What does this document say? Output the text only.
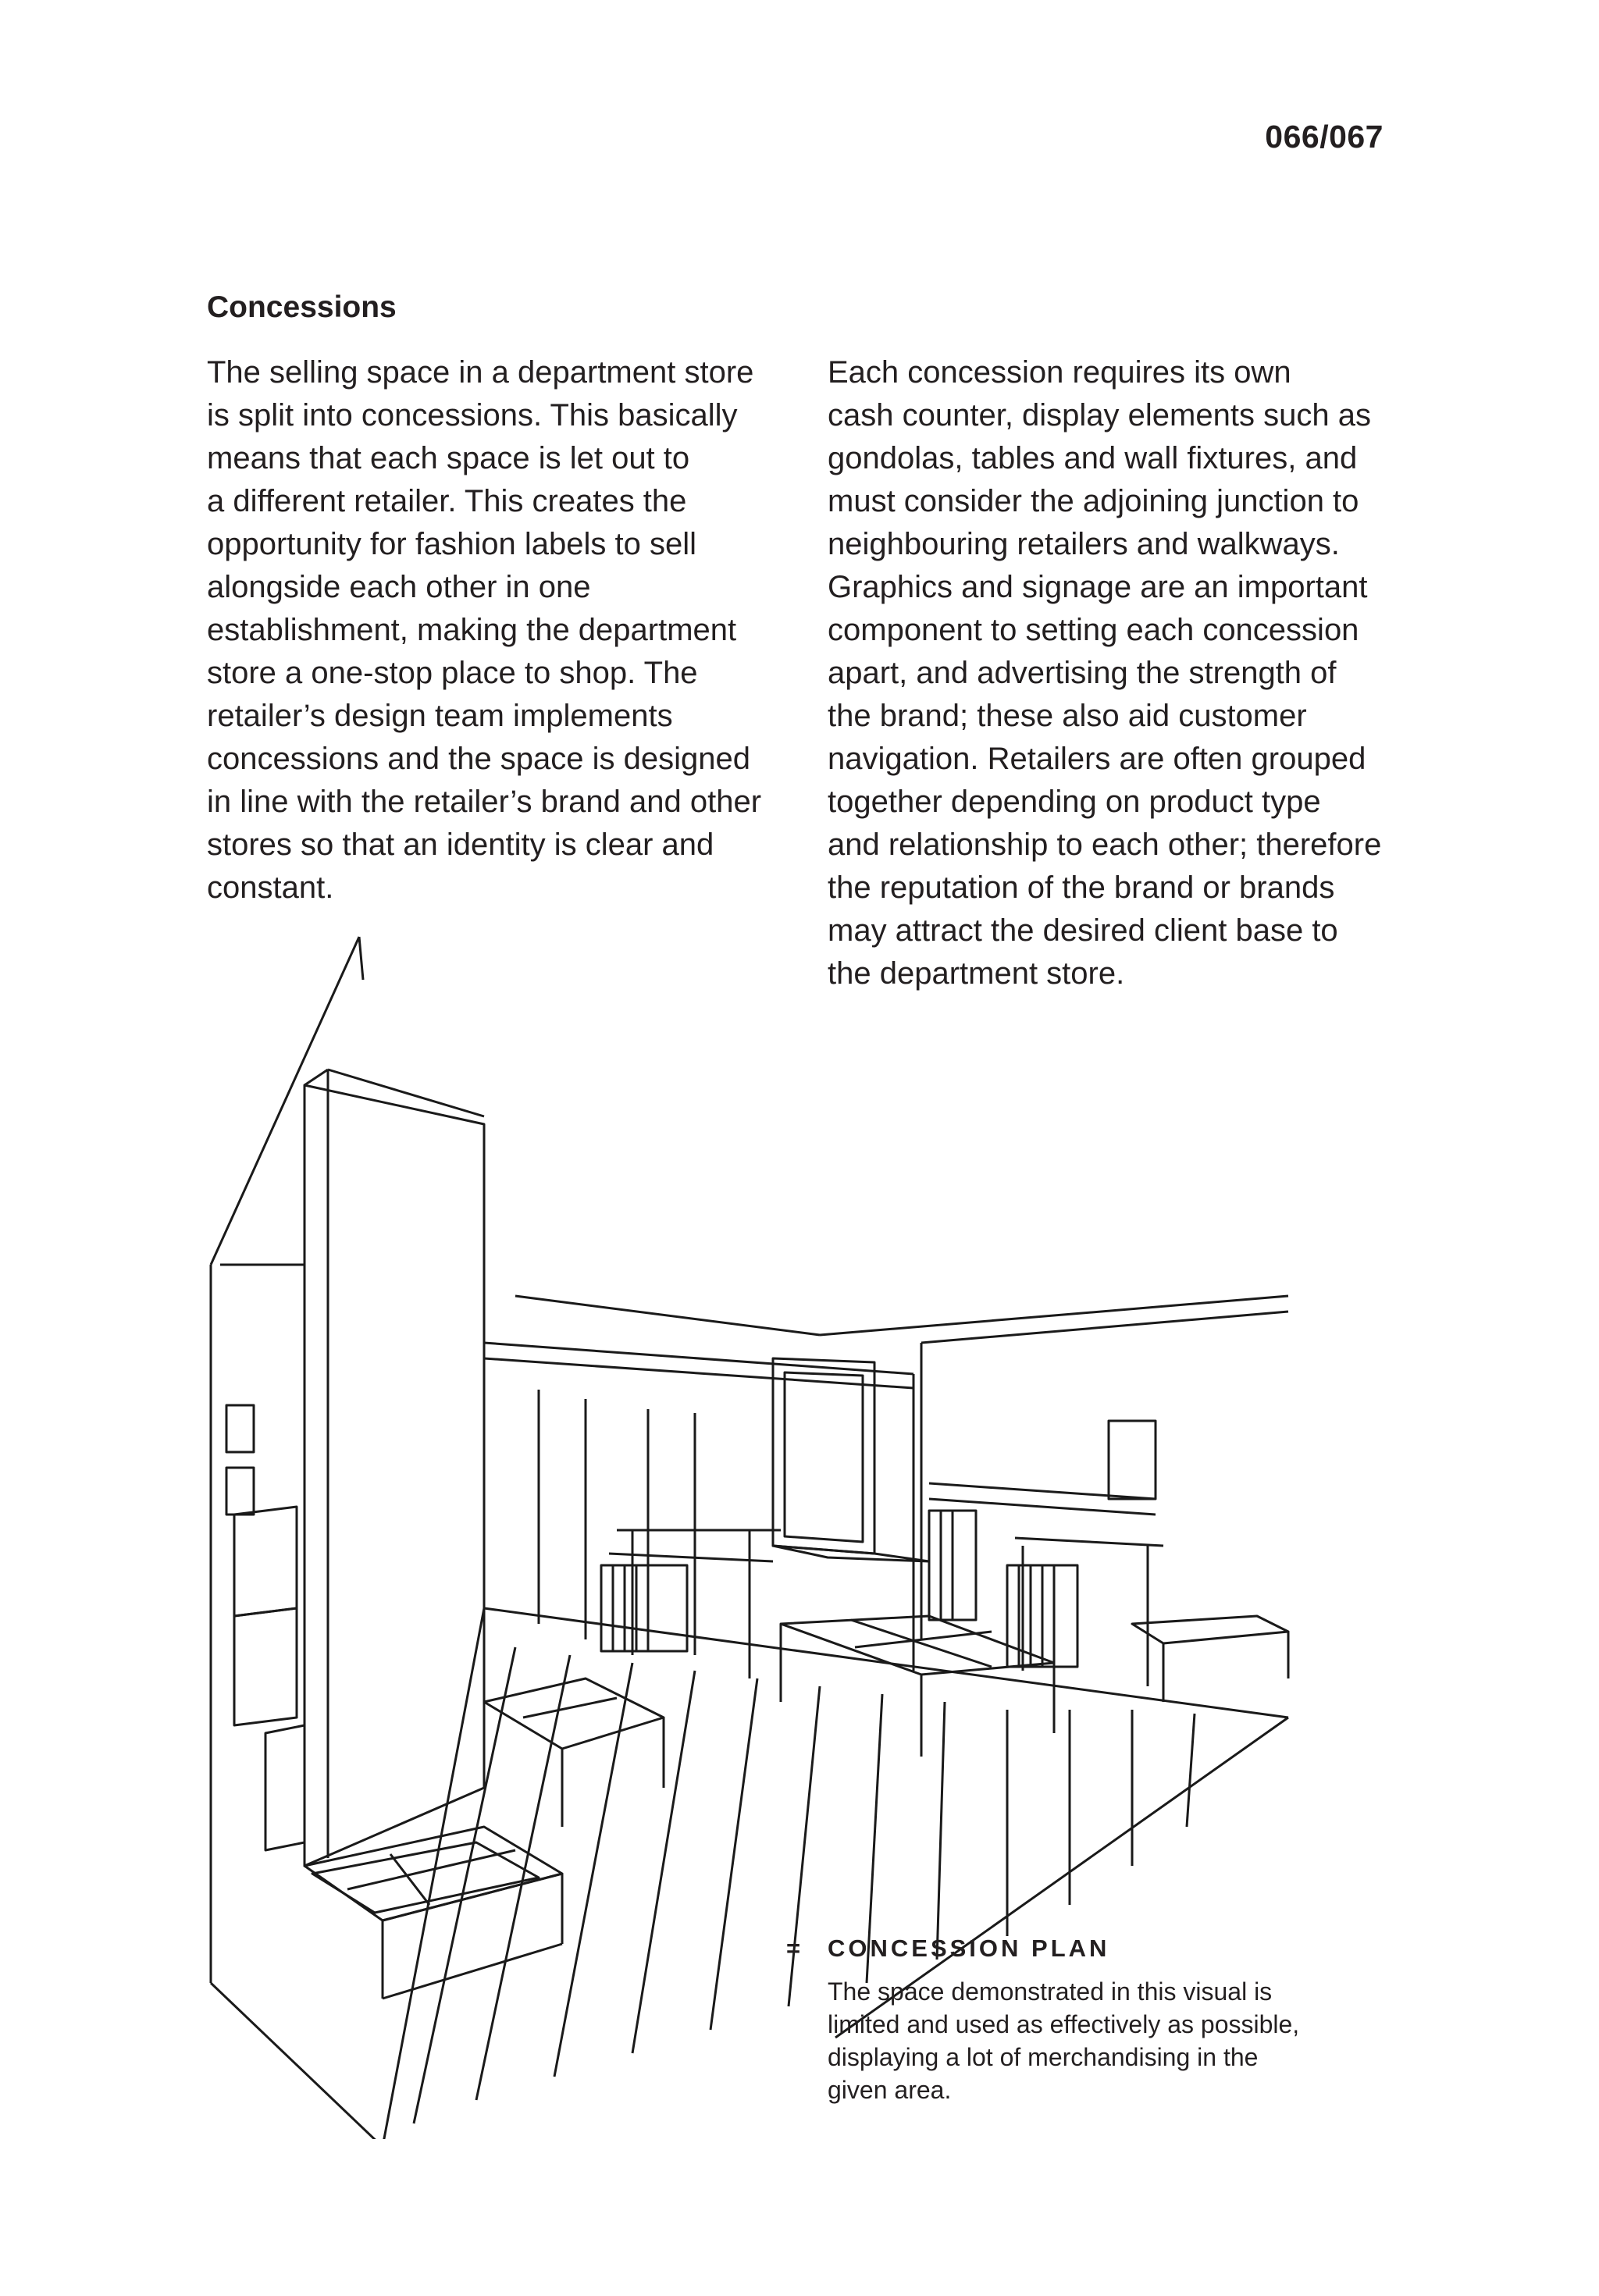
066/067
Concessions
The selling space in a department store
is split into concessions. This basically
means that each space is let out to
a different retailer. This creates the
opportunity for fashion labels to sell
alongside each other in one
establishment, making the department
store a one-stop place to shop. The
retailer’s design team implements
concessions and the space is designed
in line with the retailer’s brand and other
stores so that an identity is clear and
constant.
Each concession requires its own
cash counter, display elements such as
gondolas, tables and wall fixtures, and
must consider the adjoining junction to
neighbouring retailers and walkways.
Graphics and signage are an important
component to setting each concession
apart, and advertising the strength of
the brand; these also aid customer
navigation. Retailers are often grouped
together depending on product type
and relationship to each other; therefore
the reputation of the brand or brands
may attract the desired client base to
the department store.
= CONCESSION PLAN
The space demonstrated in this visual is
limited and used as effectively as possible,
displaying a lot of merchandising in the
given area.
